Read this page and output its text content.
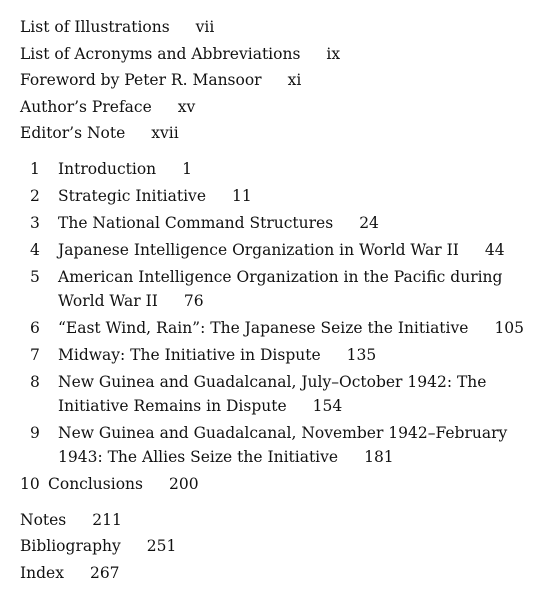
List of Illustrations vii
List of Acronyms and Abbreviations ix
Foreword by Peter R. Mansoor xi
Author’s Preface xv
Editor’s Note xvii
1	Introduction 1
2	Strategic Initiative 11
3	The National Command Structures 24
4	Japanese Intelligence Organization in World War II 44
5	American Intelligence Organization in the Pacific during World War II 76
6	“East Wind, Rain”: The Japanese Seize the Initiative 105
7	Midway: The Initiative in Dispute 135
8	New Guinea and Guadalcanal, July–October 1942: The Initiative Remains in Dispute 154
9	New Guinea and Guadalcanal, November 1942–February 1943: The Allies Seize the Initiative 181
10 Conclusions 200
Notes 211
Bibliography 251
Index 267
